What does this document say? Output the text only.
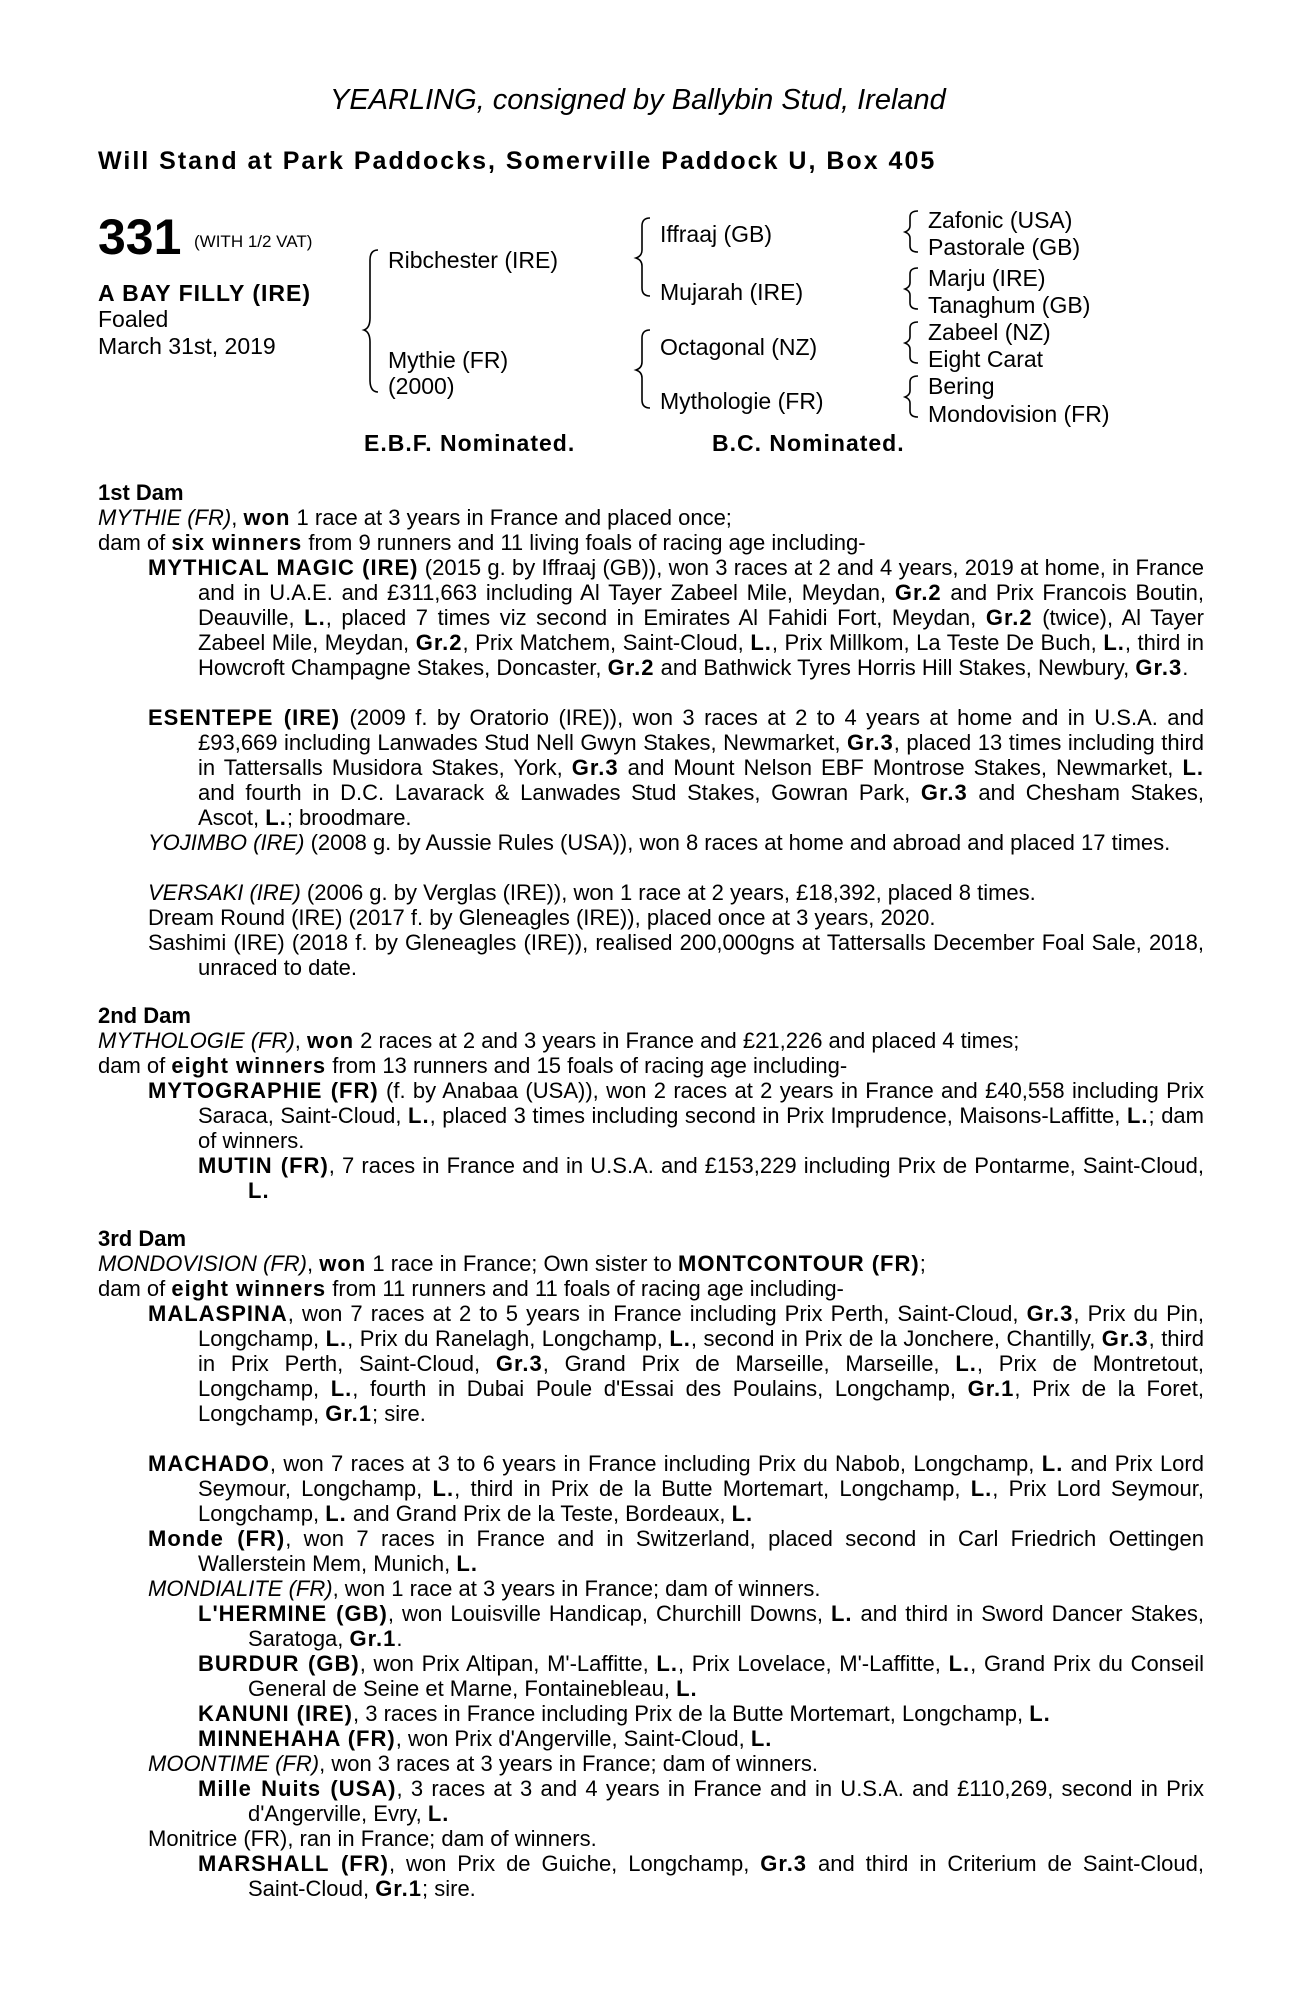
YEARLING, consigned by Ballybin Stud, Ireland
Will Stand at Park Paddocks, Somerville Paddock U, Box 405
331 (WITH 1/2 VAT)
A BAY FILLY (IRE)
Foaled
March 31st, 2019
Ribchester (IRE)
Mythie (FR)
(2000)
Iffraaj (GB)
Mujarah (IRE)
Octagonal (NZ)
Mythologie (FR)
Zafonic (USA)
Pastorale (GB)
Marju (IRE)
Tanaghum (GB)
Zabeel (NZ)
Eight Carat
Bering
Mondovision (FR)
E.B.F. Nominated.	B.C. Nominated.
1st Dam
MYTHIE (FR), won 1 race at 3 years in France and placed once;
dam of six winners from 9 runners and 11 living foals of racing age including-
MYTHICAL MAGIC (IRE) (2015 g. by Iffraaj (GB)), won 3 races at 2 and 4 years, 2019 at home, in France and in U.A.E. and £311,663 including Al Tayer Zabeel Mile, Meydan, Gr.2 and Prix Francois Boutin, Deauville, L., placed 7 times viz second in Emirates Al Fahidi Fort, Meydan, Gr.2 (twice), Al Tayer Zabeel Mile, Meydan, Gr.2, Prix Matchem, Saint-Cloud, L., Prix Millkom, La Teste De Buch, L., third in Howcroft Champagne Stakes, Doncaster, Gr.2 and Bathwick Tyres Horris Hill Stakes, Newbury, Gr.3.
ESENTEPE (IRE) (2009 f. by Oratorio (IRE)), won 3 races at 2 to 4 years at home and in U.S.A. and £93,669 including Lanwades Stud Nell Gwyn Stakes, Newmarket, Gr.3, placed 13 times including third in Tattersalls Musidora Stakes, York, Gr.3 and Mount Nelson EBF Montrose Stakes, Newmarket, L. and fourth in D.C. Lavarack & Lanwades Stud Stakes, Gowran Park, Gr.3 and Chesham Stakes, Ascot, L.; broodmare.
YOJIMBO (IRE) (2008 g. by Aussie Rules (USA)), won 8 races at home and abroad and placed 17 times.
VERSAKI (IRE) (2006 g. by Verglas (IRE)), won 1 race at 2 years, £18,392, placed 8 times.
Dream Round (IRE) (2017 f. by Gleneagles (IRE)), placed once at 3 years, 2020.
Sashimi (IRE) (2018 f. by Gleneagles (IRE)), realised 200,000gns at Tattersalls December Foal Sale, 2018, unraced to date.
2nd Dam
MYTHOLOGIE (FR), won 2 races at 2 and 3 years in France and £21,226 and placed 4 times;
dam of eight winners from 13 runners and 15 foals of racing age including-
MYTOGRAPHIE (FR) (f. by Anabaa (USA)), won 2 races at 2 years in France and £40,558 including Prix Saraca, Saint-Cloud, L., placed 3 times including second in Prix Imprudence, Maisons-Laffitte, L.; dam of winners.
MUTIN (FR), 7 races in France and in U.S.A. and £153,229 including Prix de Pontarme, Saint-Cloud, L.
3rd Dam
MONDOVISION (FR), won 1 race in France; Own sister to MONTCONTOUR (FR);
dam of eight winners from 11 runners and 11 foals of racing age including-
MALASPINA, won 7 races at 2 to 5 years in France including Prix Perth, Saint-Cloud, Gr.3, Prix du Pin, Longchamp, L., Prix du Ranelagh, Longchamp, L., second in Prix de la Jonchere, Chantilly, Gr.3, third in Prix Perth, Saint-Cloud, Gr.3, Grand Prix de Marseille, Marseille, L., Prix de Montretout, Longchamp, L., fourth in Dubai Poule d'Essai des Poulains, Longchamp, Gr.1, Prix de la Foret, Longchamp, Gr.1; sire.
MACHADO, won 7 races at 3 to 6 years in France including Prix du Nabob, Longchamp, L. and Prix Lord Seymour, Longchamp, L., third in Prix de la Butte Mortemart, Longchamp, L., Prix Lord Seymour, Longchamp, L. and Grand Prix de la Teste, Bordeaux, L.
Monde (FR), won 7 races in France and in Switzerland, placed second in Carl Friedrich Oettingen Wallerstein Mem, Munich, L.
MONDIALITE (FR), won 1 race at 3 years in France; dam of winners.
L'HERMINE (GB), won Louisville Handicap, Churchill Downs, L. and third in Sword Dancer Stakes, Saratoga, Gr.1.
BURDUR (GB), won Prix Altipan, M'-Laffitte, L., Prix Lovelace, M'-Laffitte, L., Grand Prix du Conseil General de Seine et Marne, Fontainebleau, L.
KANUNI (IRE), 3 races in France including Prix de la Butte Mortemart, Longchamp, L.
MINNEHAHA (FR), won Prix d'Angerville, Saint-Cloud, L.
MOONTIME (FR), won 3 races at 3 years in France; dam of winners.
Mille Nuits (USA), 3 races at 3 and 4 years in France and in U.S.A. and £110,269, second in Prix d'Angerville, Evry, L.
Monitrice (FR), ran in France; dam of winners.
MARSHALL (FR), won Prix de Guiche, Longchamp, Gr.3 and third in Criterium de Saint-Cloud, Saint-Cloud, Gr.1; sire.
